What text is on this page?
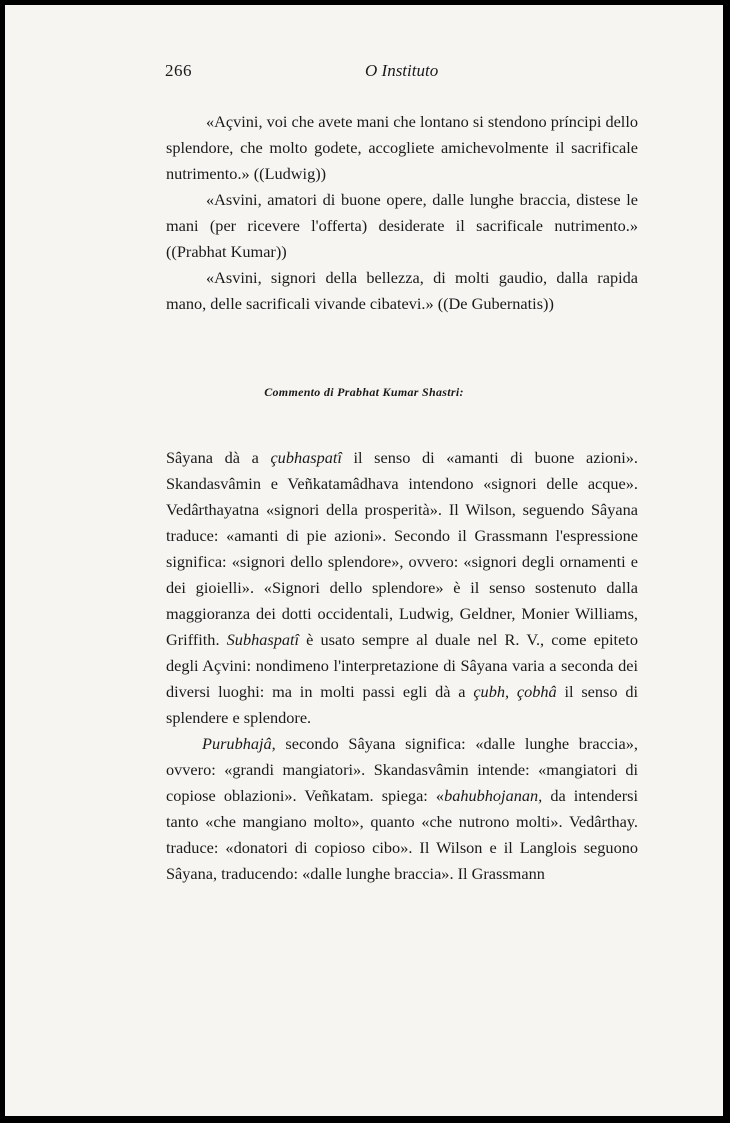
266	O Instituto

«Açvini, voi che avete mani che lontano si stendono príncipi dello splendore, che molto godete, accogliete amichevolmente il sacrificale nutrimento.» ((Ludwig))

«Asvini, amatori di buone opere, dalle lunghe braccia, distese le mani (per ricevere l'offerta) desiderate il sacrificale nutrimento.» ((Prabhat Kumar))

«Asvini, signori della bellezza, di molti gaudio, dalla rapida mano, delle sacrificali vivande cibatevi.» ((De Gubernatis))

Commento di Prabhat Kumar Shastri:

Sâyana dà a çubhaspatî il senso di «amanti di buone azioni». Skandasvâmin e Veñkatamâdhava intendono «signori delle acque». Vedârthayatna «signori della prosperità». Il Wilson, seguendo Sâyana traduce: «amanti di pie azioni». Secondo il Grassmann l'espressione significa: «signori dello splendore», ovvero: «signori degli ornamenti e dei gioielli». «Signori dello splendore» è il senso sostenuto dalla maggioranza dei dotti occidentali, Ludwig, Geldner, Monier Williams, Griffith. Subhaspatî è usato sempre al duale nel R. V., come epiteto degli Açvini: nondimeno l'interpretazione di Sâyana varia a seconda dei diversi luoghi: ma in molti passi egli dà a çubh, çobhâ il senso di splendere e splendore.

Purubhajâ, secondo Sâyana significa: «dalle lunghe braccia», ovvero: «grandi mangiatori». Skandasvâmin intende: «mangiatori di copiose oblazioni». Veñkatam. spiega: «bahubhojanan, da intendersi tanto «che mangiano molto», quanto «che nutrono molti». Vedârthay. traduce: «donatori di copioso cibo». Il Wilson e il Langlois seguono Sâyana, traducendo: «dalle lunghe braccia». Il Grassmann
